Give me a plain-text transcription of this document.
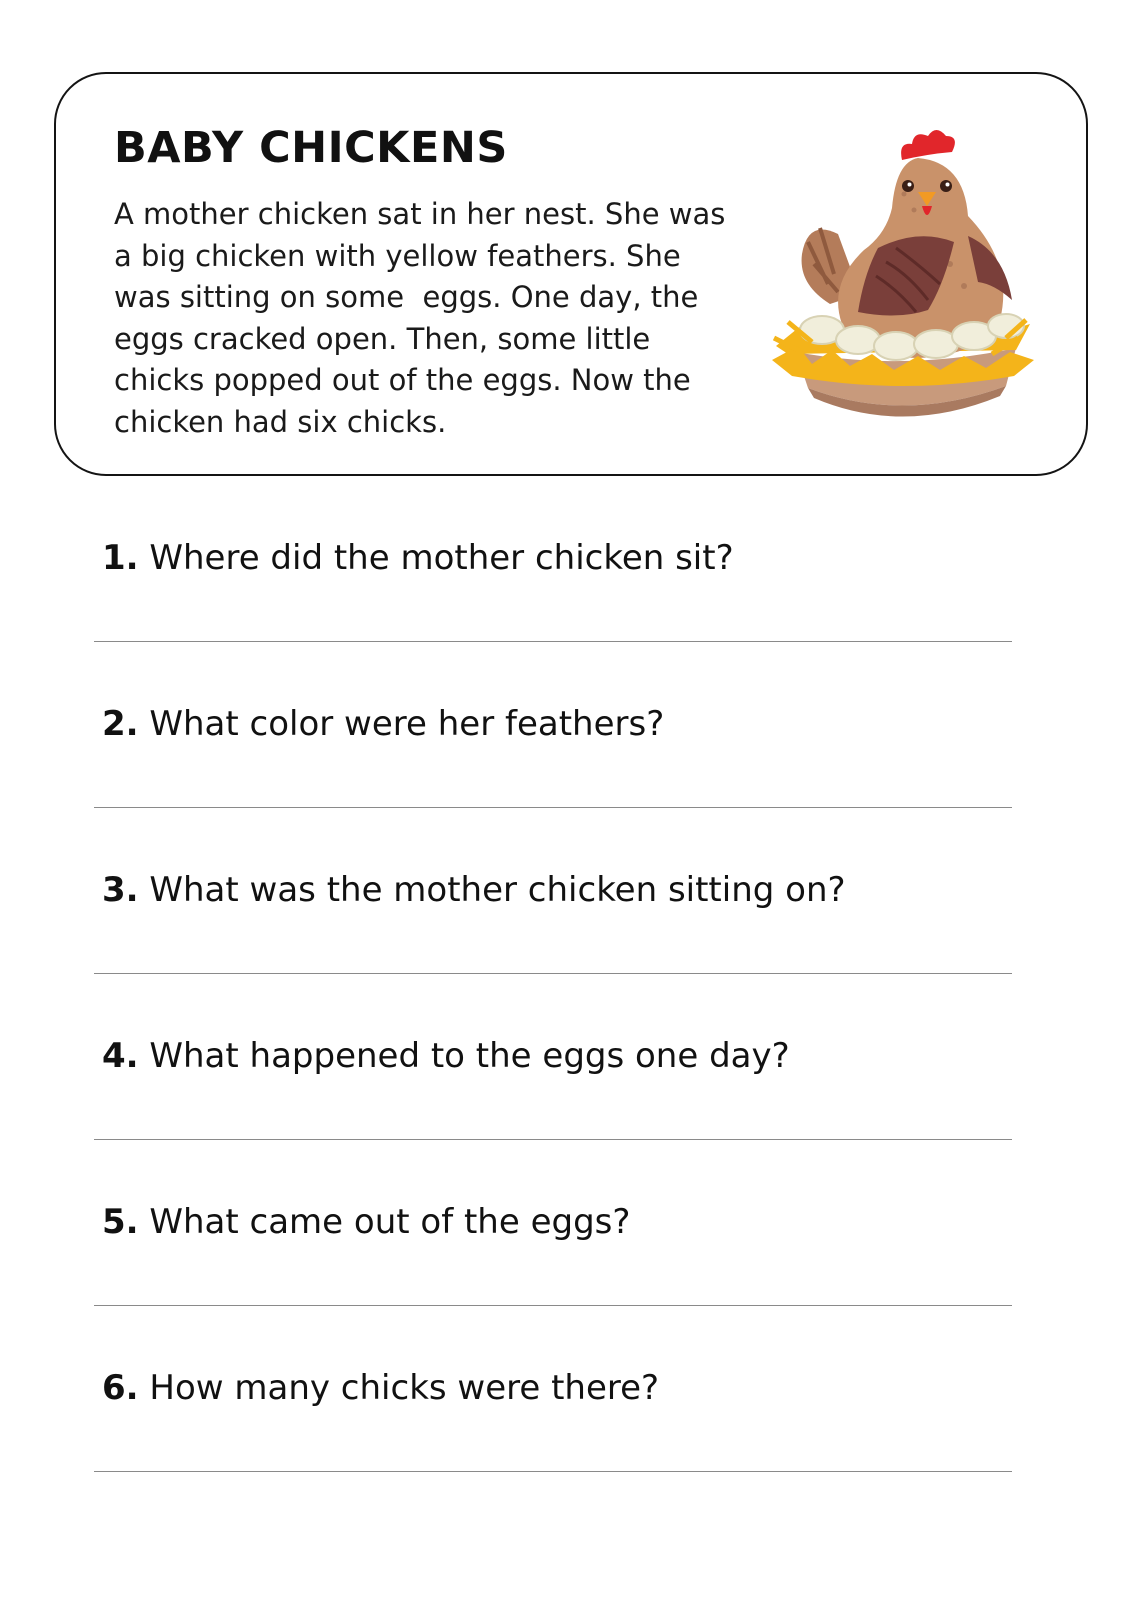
BABY CHICKENS

A mother chicken sat in her nest. She was
a big chicken with yellow feathers. She
was sitting on some  eggs. One day, the
eggs cracked open. Then, some little
chicks popped out of the eggs. Now the
chicken had six chicks.

1. Where did the mother chicken sit?

2. What color were her feathers?

3. What was the mother chicken sitting on?

4. What happened to the eggs one day?

5. What came out of the eggs?

6. How many chicks were there?
